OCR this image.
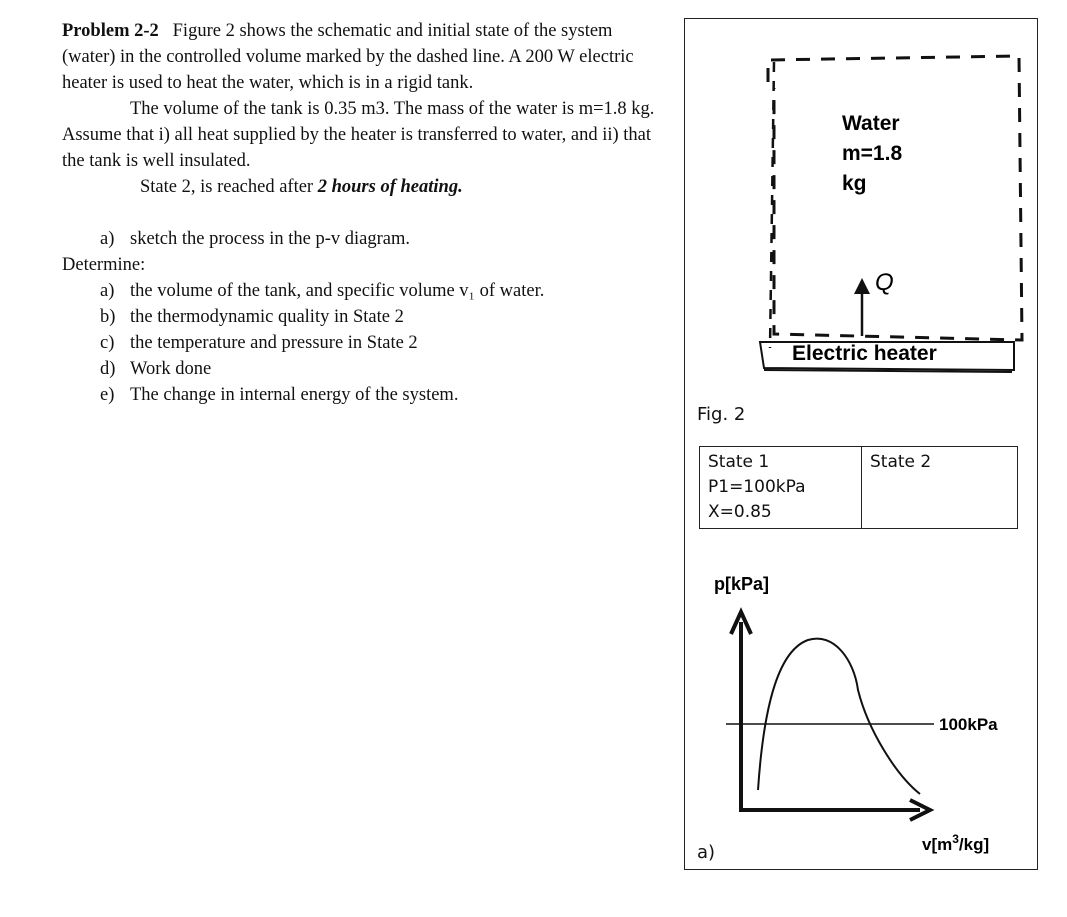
Problem 2-2 Figure 2 shows the schematic and initial state of the system (water) in the controlled volume marked by the dashed line. A 200 W electric heater is used to heat the water, which is in a rigid tank.

The volume of the tank is 0.35 m3. The mass of the water is m=1.8 kg. Assume that i) all heat supplied by the heater is transferred to water, and ii) that the tank is well insulated.

State 2, is reached after 2 hours of heating.

a) sketch the process in the p-v diagram.

Determine:

a) the volume of the tank, and specific volume v₁ of water.
b) the thermodynamic quality in State 2
c) the temperature and pressure in State 2
d) Work done
e) The change in internal energy of the system.
Water
m=1.8
kg
Q
Electric heater
Fig. 2
State 1
P1=100kPa
X=0.85

State 2
p[kPa]
100kPa
$v[m^3/kg]$
a)
